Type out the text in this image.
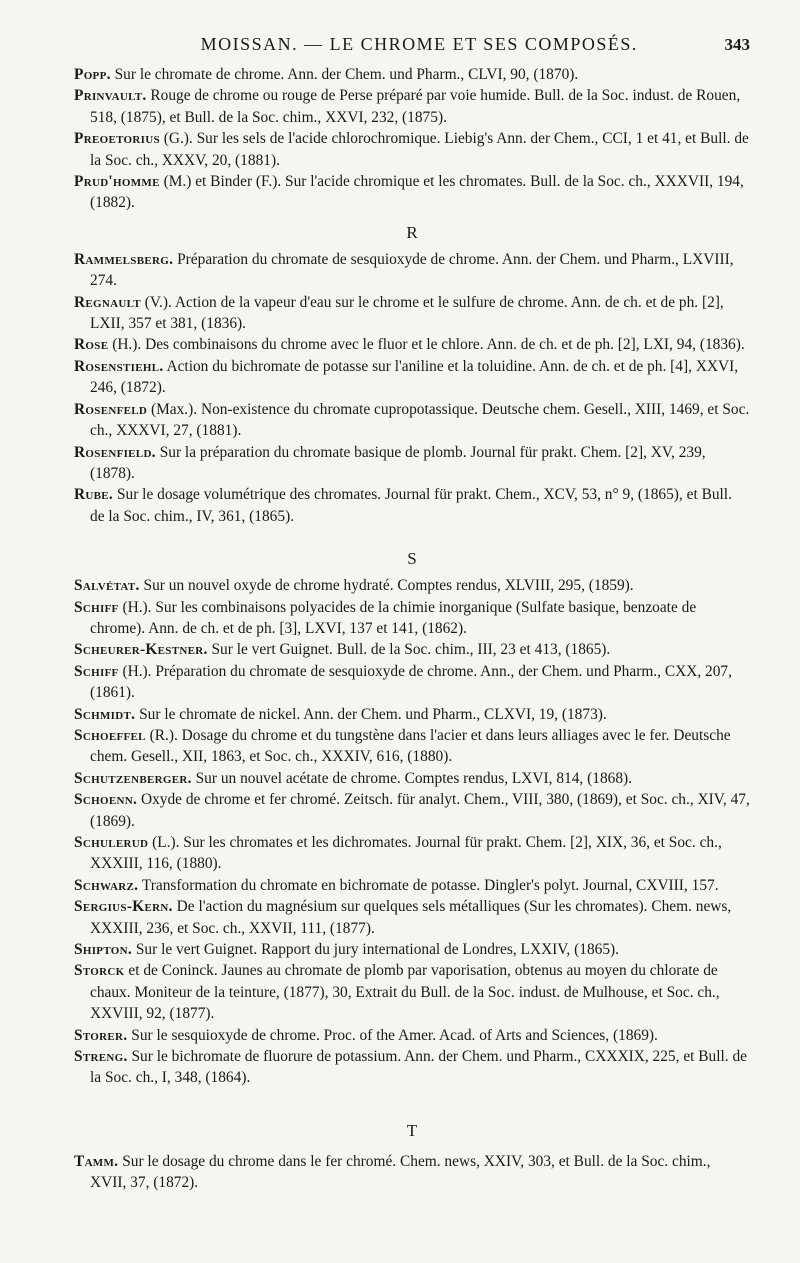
MOISSAN. — LE CHROME ET SES COMPOSÉS.	343

Popp. Sur le chromate de chrome. Ann. der Chem. und Pharm., CLVI, 90, (1870).

Prinvault. Rouge de chrome ou rouge de Perse préparé par voie humide. Bull. de la Soc. indust. de Rouen, 518, (1875), et Bull. de la Soc. chim., XXVI, 232, (1875).

Preoetorius (G.). Sur les sels de l'acide chlorochromique. Liebig's Ann. der Chem., CCI, 1 et 41, et Bull. de la Soc. ch., XXXV, 20, (1881).

Prud'homme (M.) et Binder (F.). Sur l'acide chromique et les chromates. Bull. de la Soc. ch., XXXVII, 194, (1882).

R

Rammelsberg. Préparation du chromate de sesquioxyde de chrome. Ann. der Chem. und Pharm., LXVIII, 274.

Regnault (V.). Action de la vapeur d'eau sur le chrome et le sulfure de chrome. Ann. de ch. et de ph. [2], LXII, 357 et 381, (1836).

Rose (H.). Des combinaisons du chrome avec le fluor et le chlore. Ann. de ch. et de ph. [2], LXI, 94, (1836).

Rosenstiehl. Action du bichromate de potasse sur l'aniline et la toluidine. Ann. de ch. et de ph. [4], XXVI, 246, (1872).

Rosenfeld (Max.). Non-existence du chromate cupropotassique. Deutsche chem. Gesell., XIII, 1469, et Soc. ch., XXXVI, 27, (1881).

Rosenfield. Sur la préparation du chromate basique de plomb. Journal für prakt. Chem. [2], XV, 239, (1878).

Rube. Sur le dosage volumétrique des chromates. Journal für prakt. Chem., XCV, 53, n° 9, (1865), et Bull. de la Soc. chim., IV, 361, (1865).

S

Salvétat. Sur un nouvel oxyde de chrome hydraté. Comptes rendus, XLVIII, 295, (1859).

Schiff (H.). Sur les combinaisons polyacides de la chimie inorganique (Sulfate basique, benzoate de chrome). Ann. de ch. et de ph. [3], LXVI, 137 et 141, (1862).

Scheurer-Kestner. Sur le vert Guignet. Bull. de la Soc. chim., III, 23 et 413, (1865).

Schiff (H.). Préparation du chromate de sesquioxyde de chrome. Ann., der Chem. und Pharm., CXX, 207, (1861).

Schmidt. Sur le chromate de nickel. Ann. der Chem. und Pharm., CLXVI, 19, (1873).

Schoeffel (R.). Dosage du chrome et du tungstène dans l'acier et dans leurs alliages avec le fer. Deutsche chem. Gesell., XII, 1863, et Soc. ch., XXXIV, 616, (1880).

Schutzenberger. Sur un nouvel acétate de chrome. Comptes rendus, LXVI, 814, (1868).

Schoenn. Oxyde de chrome et fer chromé. Zeitsch. für analyt. Chem., VIII, 380, (1869), et Soc. ch., XIV, 47, (1869).

Schulerud (L.). Sur les chromates et les dichromates. Journal für prakt. Chem. [2], XIX, 36, et Soc. ch., XXXIII, 116, (1880).

Schwarz. Transformation du chromate en bichromate de potasse. Dingler's polyt. Journal, CXVIII, 157.

Sergius-Kern. De l'action du magnésium sur quelques sels métalliques (Sur les chromates). Chem. news, XXXIII, 236, et Soc. ch., XXVII, 111, (1877).

Shipton. Sur le vert Guignet. Rapport du jury international de Londres, LXXIV, (1865).

Storck et de Coninck. Jaunes au chromate de plomb par vaporisation, obtenus au moyen du chlorate de chaux. Moniteur de la teinture, (1877), 30, Extrait du Bull. de la Soc. indust. de Mulhouse, et Soc. ch., XXVIII, 92, (1877).

Storer. Sur le sesquioxyde de chrome. Proc. of the Amer. Acad. of Arts and Sciences, (1869).

Streng. Sur le bichromate de fluorure de potassium. Ann. der Chem. und Pharm., CXXXIX, 225, et Bull. de la Soc. ch., I, 348, (1864).

T

Tamm. Sur le dosage du chrome dans le fer chromé. Chem. news, XXIV, 303, et Bull. de la Soc. chim., XVII, 37, (1872).
